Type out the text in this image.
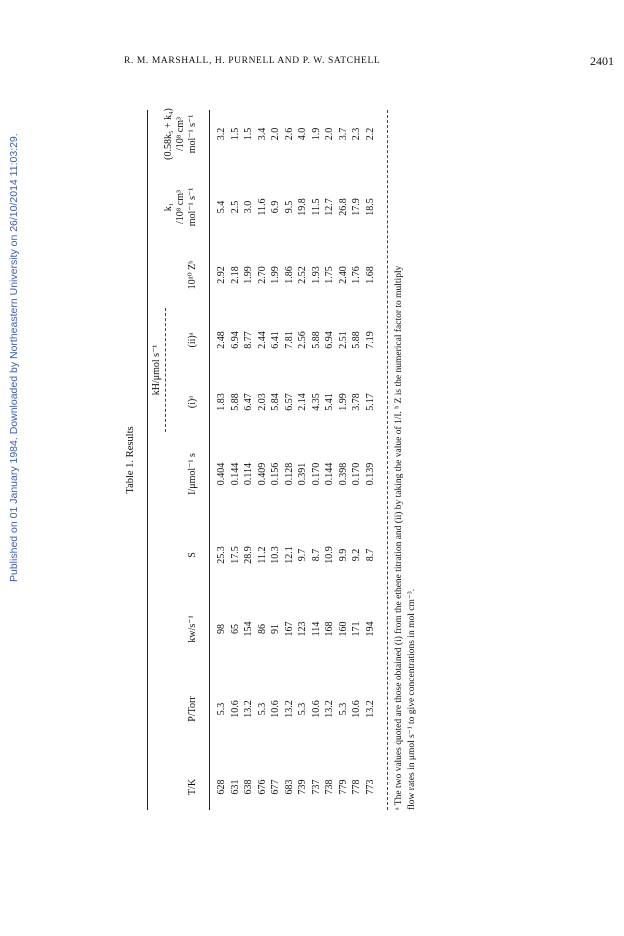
R. M. MARSHALL, H. PURNELL AND P. W. SATCHELL	2401
Published on 01 January 1984. Downloaded by Northeastern University on 26/10/2014 11:03:29.	Table 1. Results
T/K
P/Torr
kw/s⁻¹
S
I/μmol⁻¹ s
kH/μmol s⁻¹
(i)ᵃ
(ii)ᵃ
10¹⁰ Zᵇ
k₁ /10⁸ cm³ mol⁻¹ s⁻¹
(0.58k₅ + k₄) /10⁸ cm³ mol⁻¹ s⁻¹
628 631 638 676 677 683 739 737 738 779 778 773
5.3 10.6 13.2 5.3 10.6 13.2 5.3 10.6 13.2 5.3 10.6 13.2
98 65 154 86 91 167 123 114 168 160 171 194
25.3 17.5 28.9 11.2 10.3 12.1 9.7 8.7 10.9 9.9 9.2 8.7
0.404 0.144 0.114 0.409 0.156 0.128 0.391 0.170 0.144 0.398 0.170 0.139
1.83 5.88 6.47 2.03 5.84 6.57 2.14 4.35 5.41 1.99 3.78 5.17
2.48 6.94 8.77 2.44 6.41 7.81 2.56 5.88 6.94 2.51 5.88 7.19
2.92 2.18 1.99 2.70 1.99 1.86 2.52 1.93 1.75 2.40 1.76 1.68
5.4 2.5 3.0 11.6 6.9 9.5 19.8 11.5 12.7 26.8 17.9 18.5
3.2 1.5 1.5 3.4 2.0 2.6 4.0 1.9 2.0 3.7 2.3 2.2
ᵃ The two values quoted are those obtained (i) from the ethene titration and (ii) by taking the value of 1/I. ᵇ Z is the numerical factor to multiply flow rates in μmol s⁻¹ to give concentrations in mol cm⁻³.
